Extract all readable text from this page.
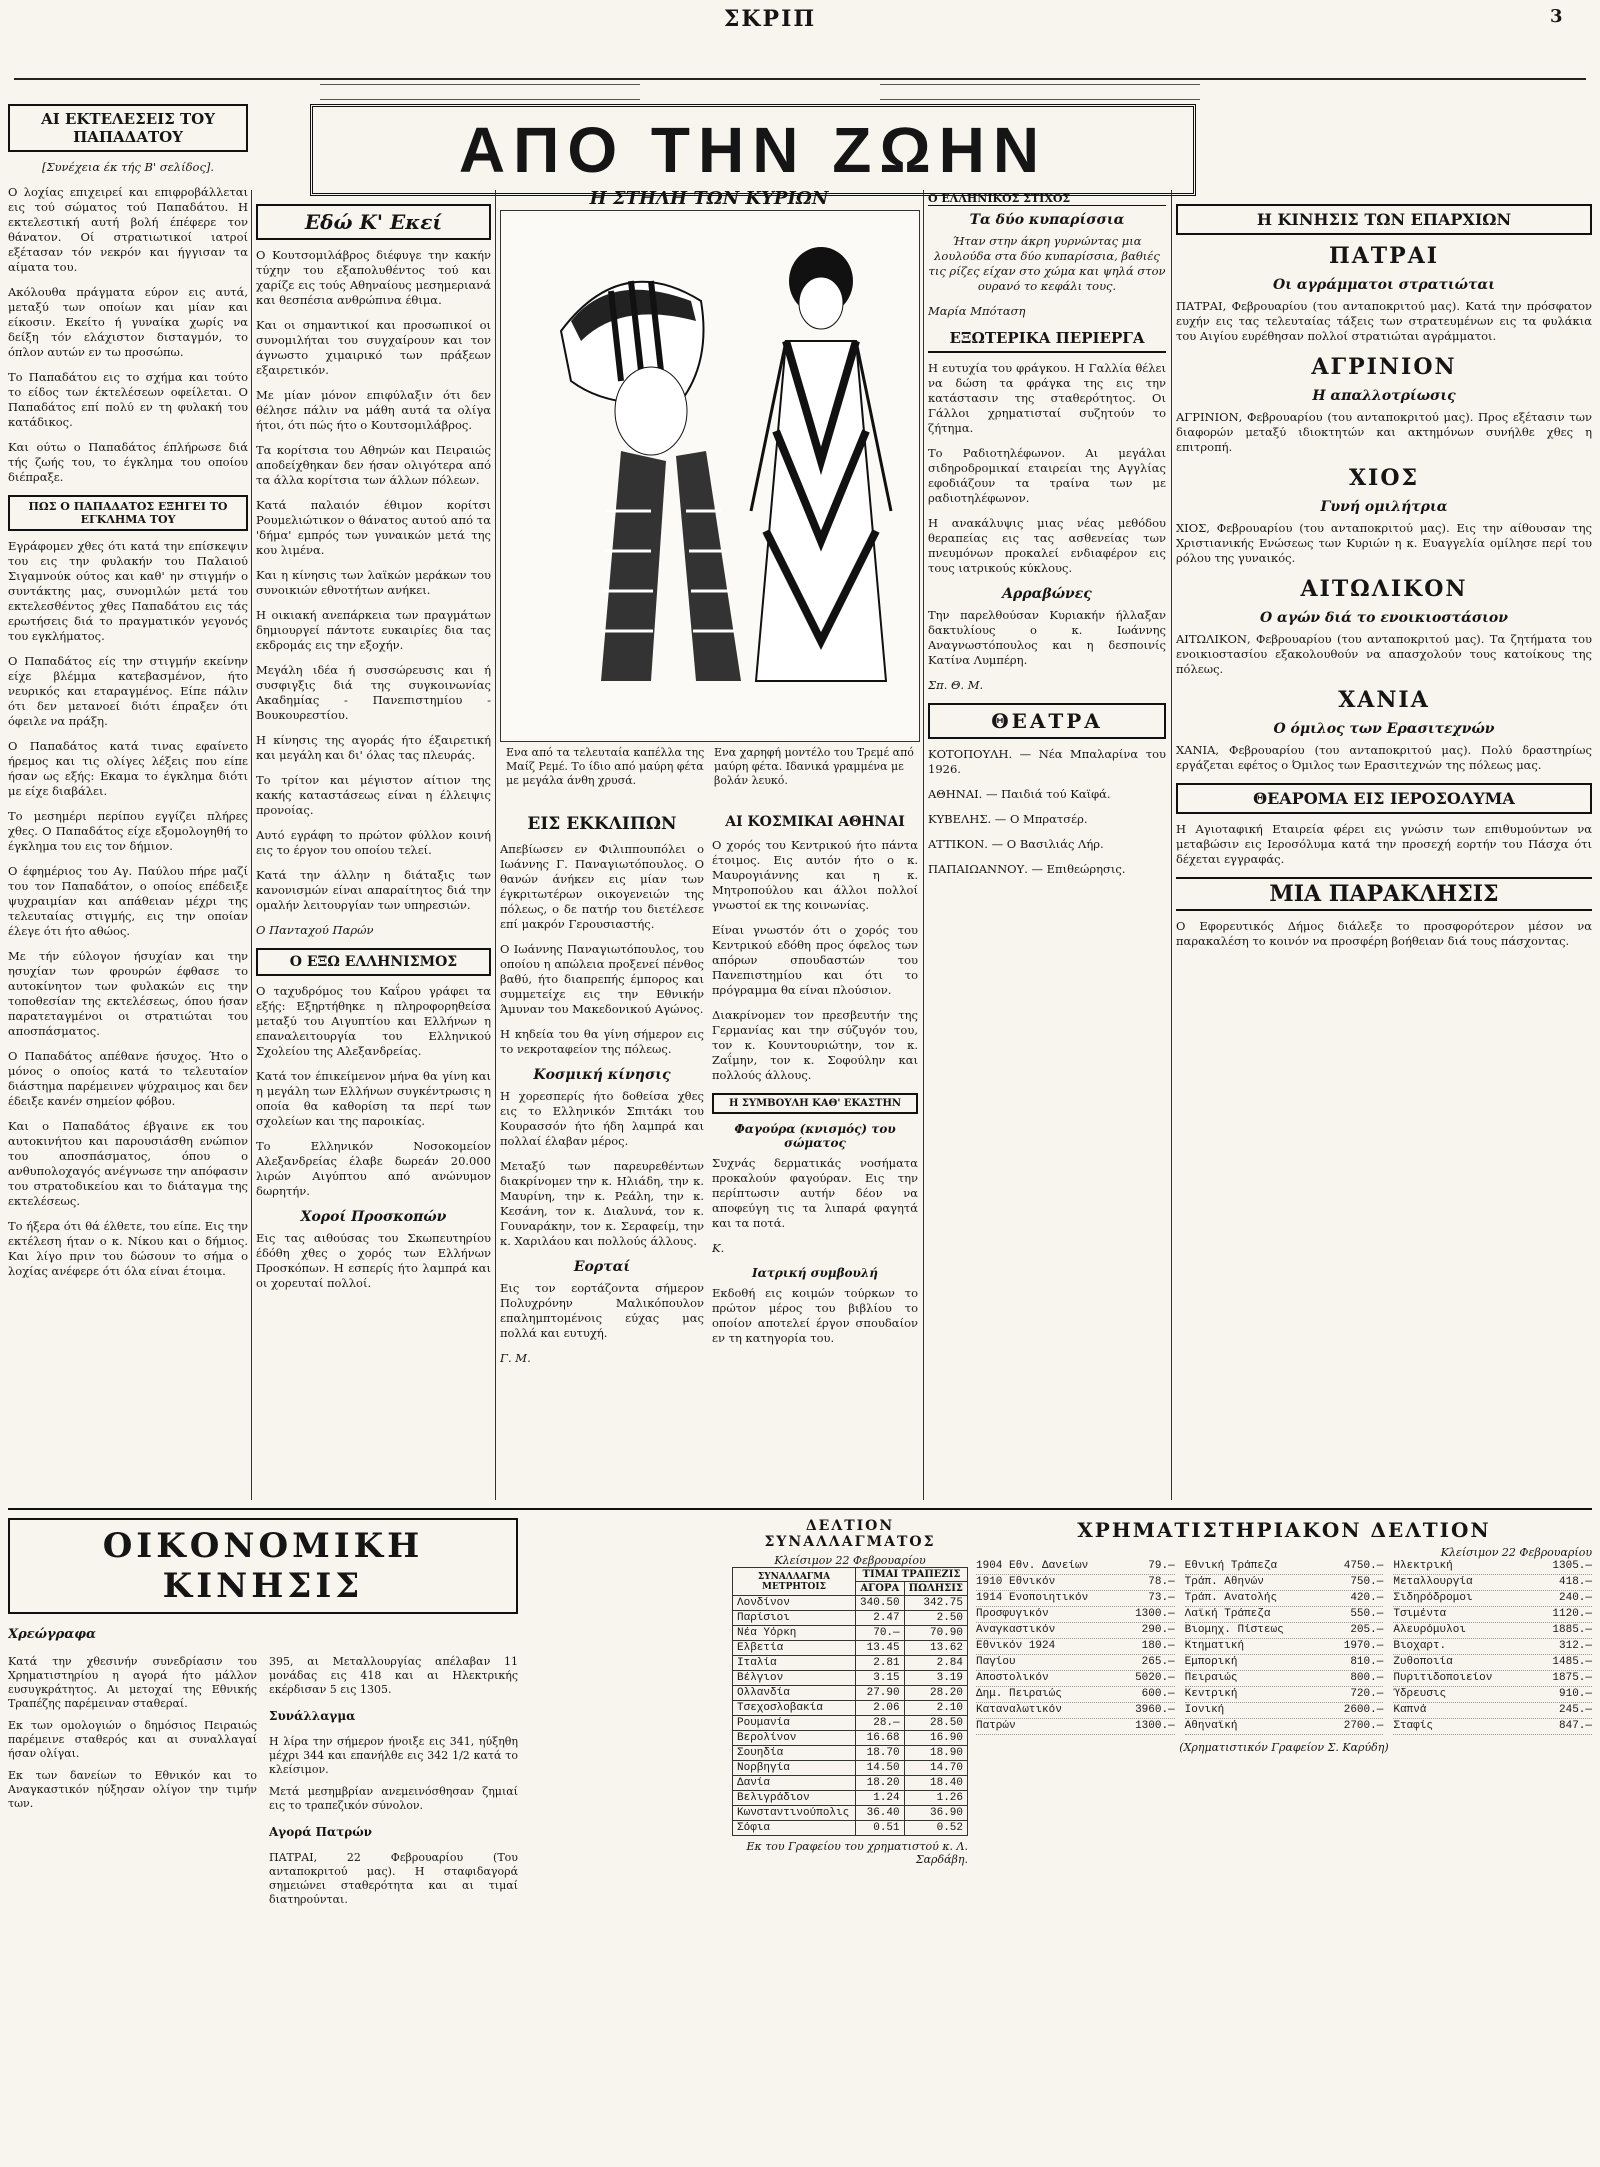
ΣΚΡΙΠ	3
ΑΠΟ ΤΗΝ ΖΩΗΝ
ΑΙ ΕΚΤΕΛΕΣΕΙΣ ΤΟΥ ΠΑΠΑΔΑΤΟΥ

[Συνέχεια έκ τής Β' σελίδος].

Ο λοχίας επιχειρεί και επιφροβάλλεται εις τού σώματος τού Παπαδάτου. Η εκτελεστική αυτή βολή έπέφερε τον θάνατον. Οί στρατιωτικοί ιατροί εξέτασαν τόν νεκρόν και ήγγισαν τα αίματα του.

Ακόλουθα πράγματα εύρον εις αυτά, μεταξύ των οποίων και μίαν και είκοσιν. Εκείτο ή γυναίκα χωρίς να δείξη τόν ελάχιστον δισταγμόν, το όπλον αυτών εν τω προσώπω.

Το Παπαδάτου εις το σχήμα και τούτο το είδος των έκτελέσεων οφείλεται. Ο Παπαδάτος επί πολύ εν τη φυλακή του κατάδικος.

Και ούτω ο Παπαδάτος έπλήρωσε διά τής ζωής του, το έγκλημα του οποίου διέπραξε.

ΠΩΣ Ο ΠΑΠΑΔΑΤΟΣ ΕΞΗΓΕΙ ΤΟ ΕΓΚΛΗΜΑ ΤΟΥ

Εγράφομεν χθες ότι κατά την επίσκεψιν του εις την φυλακήν του Παλαιού Σιγαμνούκ ούτος και καθ' ην στιγμήν ο συντάκτης μας, συνομιλών μετά του εκτελεσθέντος χθες Παπαδάτου εις τάς ερωτήσεις διά το πραγματικόν γεγονός του εγκλήματος.

Ο Παπαδάτος είς την στιγμήν εκείνην είχε βλέμμα κατεβασμένον, ήτο νευρικός και εταραγμένος. Είπε πάλιν ότι δεν μετανοεί διότι έπραξεν ότι όφειλε να πράξη.

Ο Παπαδάτος κατά τινας εφαίνετο ήρεμος και τις ολίγες λέξεις που είπε ήσαν ως εξής: Εκαμα το έγκλημα διότι με είχε διαβάλει.

Το μεσημέρι περίπου εγγίζει πλήρες χθες. Ο Παπαδάτος είχε εξομολογηθή το έγκλημα του εις τον δήμιον.

Ο έφημέριος του Αγ. Παύλου πήρε μαζί του τον Παπαδάτον, ο οποίος επέδειξε ψυχραιμίαν και απάθειαν μέχρι της τελευταίας στιγμής, εις την οποίαν έλεγε ότι ήτο αθώος.

Με τήν εύλογον ήσυχίαν και την ησυχίαν των φρουρών έφθασε το αυτοκίνητον των φυλακών εις την τοποθεσίαν της εκτελέσεως, όπου ήσαν παρατεταγμένοι οι στρατιώται του αποσπάσματος.

Ο Παπαδάτος απέθανε ήσυχος. Ήτο ο μόνος ο οποίος κατά το τελευταίον διάστημα παρέμεινεν ψύχραιμος και δεν έδειξε κανέν σημείον φόβου.

Και ο Παπαδάτος έβγαινε εκ του αυτοκινήτου και παρουσιάσθη ενώπιον του αποσπάσματος, όπου ο ανθυπολοχαγός ανέγνωσε την απόφασιν του στρατοδικείου και το διάταγμα της εκτελέσεως.

Το ήξερα ότι θά έλθετε, του είπε. Εις την εκτέλεση ήταν ο κ. Νίκου και ο δήμιος. Και λίγο πριν του δώσουν το σήμα ο λοχίας ανέφερε ότι όλα είναι έτοιμα.

Εδώ Κ' Εκεί

Ο Κουτσομιλάβρος διέφυγε την κακήν τύχην του εξαπολυθέντος τού και χαρίζε εις τούς Αθηναίους μεσημεριανά και θεσπέσια ανθρώπινα έθιμα.

Και οι σημαντικοί και προσωπικοί οι συνομιλήται του συγχαίρουν και τον άγνωστο χιμαιρικό των πράξεων εξαιρετικόν.

Με μίαν μόνον επιφύλαξιν ότι δεν θέλησε πάλιν να μάθη αυτά τα ολίγα ήτοι, ότι πώς ήτο ο Κουτσομιλάβρος.

Τα κορίτσια του Αθηνών και Πειραιώς αποδείχθηκαν δεν ήσαν ολιγότερα από τα άλλα κορίτσια των άλλων πόλεων.

Κατά παλαιόν έθιμον κορίτσι Ρουμελιώτικον ο θάνατος αυτού από τα 'δήμα' εμπρός των γυναικών μετά της κου λιμένα.

Και η κίνησις των λαϊκών μεράκων του συνοικιών εθνοτήτων ανήκει.

Η οικιακή ανεπάρκεια των πραγμάτων δημιουργεί πάντοτε ευκαιρίες δια τας εκδρομάς εις την εξοχήν.

Μεγάλη ιδέα ή συσσώρευσις και ή συσφιγξις διά της συγκοινωνίας Ακαδημίας - Πανεπιστημίου - Βουκουρεστίου.

Η κίνησις της αγοράς ήτο έξαιρετική και μεγάλη και δι' όλας τας πλευράς.

Το τρίτον και μέγιστον αίτιον της κακής καταστάσεως είναι η έλλειψις προνοίας.

Αυτό εγράφη το πρώτον φύλλον κοινή εις το έργον του οποίου τελεί.

Κατά την άλλην η διάταξις των κανονισμών είναι απαραίτητος διά την ομαλήν λειτουργίαν των υπηρεσιών.

Ο Πανταχού Παρών

Ο ΕΞΩ ΕΛΛΗΝΙΣΜΟΣ

Ο ταχυδρόμος του Καΐρου γράφει τα εξής: Εξηρτήθηκε η πληροφορηθείσα μεταξύ του Αιγυπτίου και Ελλήνων η επαναλειτουργία του Ελληνικού Σχολείου της Αλεξανδρείας.

Κατά τον έπικείμενον μήνα θα γίνη και η μεγάλη των Ελλήνων συγκέντρωσις η οποία θα καθορίση τα περί των σχολείων και της παροικίας.

Το Ελληνικόν Νοσοκομείον Αλεξανδρείας έλαβε δωρεάν 20.000 λιρών Αιγύπτου από ανώνυμον δωρητήν.

Χοροί Προσκοπών

Εις τας αιθούσας του Σκωπευτηρίου έδόθη χθες ο χορός των Ελλήνων Προσκόπων. Η εσπερίς ήτο λαμπρά και οι χορευταί πολλοί.

Η ΣΤΗΛΗ ΤΩΝ ΚΥΡΙΩΝ
Ενα από τα τελευταία καπέλλα της Μαίζ Ρεμέ. Το ίδιο από μαύρη φέτα με μεγάλα άνθη χρυσά.
Ενα χαρηφή μοντέλο του Τρεμέ από μαύρη φέτα. Ιδανικά γραμμένα με βολάν λευκό.
ΕΙΣ ΕΚΚΛΙΠΩΝ

Απεβίωσεν εν Φιλιππουπόλει ο Ιωάννης Γ. Παναγιωτόπουλος. Ο θανών άνήκεν εις μίαν των έγκριτωτέρων οικογενειών της πόλεως, ο δε πατήρ του διετέλεσε επί μακρόν Γερουσιαστής.

Ο Ιωάννης Παναγιωτόπουλος, του οποίου η απώλεια προξενεί πένθος βαθύ, ήτο διαπρεπής έμπορος και συμμετείχε εις την Εθνικήν Άμυναν του Μακεδονικού Αγώνος.

Η κηδεία του θα γίνη σήμερον εις το νεκροταφείον της πόλεως.

Κοσμική κίνησις

Η χορεσπερίς ήτο δοθείσα χθες εις το Ελληνικόν Σπιτάκι του Κουρασσόν ήτο ήδη λαμπρά και πολλαί έλαβαν μέρος.

Μεταξύ των παρευρεθέντων διακρίνομεν την κ. Ηλιάδη, την κ. Μαυρίνη, την κ. Ρεάλη, την κ. Κεσάνη, τον κ. Διαλυνά, τον κ. Γουναράκην, τον κ. Σεραφείμ, την κ. Χαριλάου και πολλούς άλλους.

Εορταί

Εις τον εορτάζοντα σήμερον Πολυχρόνην Μαλικόπουλον επαλημπτομένοις εύχας μας πολλά και ευτυχή.

Γ. Μ.

ΑΙ ΚΟΣΜΙΚΑΙ ΑΘΗΝΑΙ

Ο χορός του Κεντρικού ήτο πάντα έτοιμος. Εις αυτόν ήτο ο κ. Μαυρογιάννης και η κ. Μητροπούλου και άλλοι πολλοί γνωστοί εκ της κοινωνίας.

Είναι γνωστόν ότι ο χορός του Κεντρικού εδόθη προς όφελος των απόρων σπουδαστών του Πανεπιστημίου και ότι το πρόγραμμα θα είναι πλούσιον.

Διακρίνομεν τον πρεσβευτήν της Γερμανίας και την σύζυγόν του, τον κ. Κουντουριώτην, τον κ. Ζαΐμην, τον κ. Σοφούλην και πολλούς άλλους.

Η ΣΥΜΒΟΥΛΗ ΚΑΘ' ΕΚΑΣΤΗΝ
Φαγούρα (κνισμός) του σώματος

Συχνάς δερματικάς νοσήματα προκαλούν φαγούραν. Εις την περίπτωσιν αυτήν δέον να αποφεύγη τις τα λιπαρά φαγητά και τα ποτά.

Κ.

Ιατρική συμβουλή

Εκδοθή εις κοιμών τούρκων το πρώτον μέρος του βιβλίου το οποίον αποτελεί έργον σπουδαίον εν τη κατηγορία του.

Ο ΕΛΛΗΝΙΚΟΣ ΣΤΙΧΟΣ
Τα δύο κυπαρίσσια

Ήταν στην άκρη γυρνώντας μια λουλούδα στα δύο κυπαρίσσια, βαθιές τις ρίζες είχαν στο χώμα και ψηλά στον ουρανό το κεφάλι τους.

Μαρία Μπόταση

ΕΞΩΤΕΡΙΚΑ ΠΕΡΙΕΡΓΑ

Η ευτυχία του φράγκου. Η Γαλλία θέλει να δώση τα φράγκα της εις την κατάστασιν της σταθερότητος. Οι Γάλλοι χρηματισταί συζητούν το ζήτημα.

Το Ραδιοτηλέφωνον. Αι μεγάλαι σιδηροδρομικαί εταιρείαι της Αγγλίας εφοδιάζουν τα τραίνα των με ραδιοτηλέφωνον.

Η ανακάλυψις μιας νέας μεθόδου θεραπείας εις τας ασθενείας των πνευμόνων προκαλεί ενδιαφέρον εις τους ιατρικούς κύκλους.

Αρραβώνες

Την παρελθούσαν Κυριακήν ήλλαξαν δακτυλίους ο κ. Ιωάννης Αναγνωστόπουλος και η δεσποινίς Κατίνα Λυμπέρη.

Σπ. Θ. Μ.

ΘΕΑΤΡΑ

ΚΟΤΟΠΟΥΛΗ. — Νέα Μπαλαρίνα του 1926.

ΑΘΗΝΑΙ. — Παιδιά τού Καϊφά.

ΚΥΒΕΛΗΣ. — Ο Μπρατσέρ.

ΑΤΤΙΚΟΝ. — Ο Βασιλιάς Λήρ.

ΠΑΠΑΙΩΑΝΝΟΥ. — Επιθεώρησις.

Η ΚΙΝΗΣΙΣ ΤΩΝ ΕΠΑΡΧΙΩΝ
ΠΑΤΡΑΙ
Οι αγράμματοι στρατιώται

ΠΑΤΡΑΙ, Φεβρουαρίου (του ανταποκριτού μας). Κατά την πρόσφατον ευχήν εις τας τελευταίας τάξεις των στρατευμένων εις τα φυλάκια του Αιγίου ευρέθησαν πολλοί στρατιώται αγράμματοι.

ΑΓΡΙΝΙΟΝ
Η απαλλοτρίωσις

ΑΓΡΙΝΙΟΝ, Φεβρουαρίου (του ανταποκριτού μας). Προς εξέτασιν των διαφορών μεταξύ ιδιοκτητών και ακτημόνων συνήλθε χθες η επιτροπή.

ΧΙΟΣ
Γυνή ομιλήτρια

ΧΙΟΣ, Φεβρουαρίου (του ανταποκριτού μας). Εις την αίθουσαν της Χριστιανικής Ενώσεως των Κυριών η κ. Ευαγγελία ομίλησε περί του ρόλου της γυναικός.

ΑΙΤΩΛΙΚΟΝ
Ο αγών διά το ενοικιοστάσιον

ΑΙΤΩΛΙΚΟΝ, Φεβρουαρίου (του ανταποκριτού μας). Τα ζητήματα του ενοικιοστασίου εξακολουθούν να απασχολούν τους κατοίκους της πόλεως.

ΧΑΝΙΑ
Ο όμιλος των Ερασιτεχνών

ΧΑΝΙΑ, Φεβρουαρίου (του ανταποκριτού μας). Πολύ δραστηρίως εργάζεται εφέτος ο Όμιλος των Ερασιτεχνών της πόλεως μας.

ΘΕΑΡΟΜΑ ΕΙΣ ΙΕΡΟΣΟΛΥΜΑ

Η Αγιοταφική Εταιρεία φέρει εις γνώσιν των επιθυμούντων να μεταβώσιν εις Ιεροσόλυμα κατά την προσεχή εορτήν του Πάσχα ότι δέχεται εγγραφάς.

ΜΙΑ ΠΑΡΑΚΛΗΣΙΣ

Ο Εφορευτικός Δήμος διάλεξε το προσφορότερον μέσον να παρακαλέση το κοινόν να προσφέρη βοήθειαν διά τους πάσχοντας.

ΟΙΚΟΝΟΜΙΚΗ ΚΙΝΗΣΙΣ
Χρεώγραφα

Κατά την χθεσινήν συνεδρίασιν του Χρηματιστηρίου η αγορά ήτο μάλλον ευσυγκράτητος. Αι μετοχαί της Εθνικής Τραπέζης παρέμειναν σταθεραί.

Εκ των ομολογιών ο δημόσιος Πειραιώς παρέμεινε σταθερός και αι συναλλαγαί ήσαν ολίγαι.

Εκ των δανείων το Εθνικόν και το Αναγκαστικόν ηύξησαν ολίγον την τιμήν των.

395, αι Μεταλλουργίας απέλαβαν 11 μονάδας εις 418 και αι Ηλεκτρικής εκέρδισαν 5 εις 1305.

Συνάλλαγμα

Η λίρα την σήμερον ήνοιξε εις 341, ηύξηθη μέχρι 344 και επανήλθε εις 342 1/2 κατά το κλείσιμον.

Μετά μεσημβρίαν ανεμεινόσθησαν ζημιαί εις το τραπεζικόν σύνολον.

Αγορά Πατρών

ΠΑΤΡΑΙ, 22 Φεβρουαρίου (Του ανταποκριτού μας). Η σταφιδαγορά σημειώνει σταθερότητα και αι τιμαί διατηρούνται.

ΔΕΛΤΙΟΝ ΣΥΝΑΛΛΑΓΜΑΤΟΣ
Κλείσιμον 22 Φεβρουαρίου
ΣΥΝΑΛΛΑΓΜΑ ΜΕΤΡΗΤΟΙΣ	ΤΙΜΑΙ ΤΡΑΠΕΖΙΣ	
	ΑΓΟΡΑ	ΠΩΛΗΣΙΣ
Λονδίνον	340.50	342.75
Παρίσιοι	2.47	2.50
Νέα Υόρκη	70.—	70.90
Ελβετία	13.45	13.62
Ιταλία	2.81	2.84
Βέλγιον	3.15	3.19
Ολλανδία	27.90	28.20
Τσεχοσλοβακία	2.06	2.10
Ρουμανία	28.—	28.50
Βερολίνον	16.68	16.90
Σουηδία	18.70	18.90
Νορβηγία	14.50	14.70
Δανία	18.20	18.40
Βελιγράδιον	1.24	1.26
Κωνσταντινούπολις	36.40	36.90
Σόφια	0.51	0.52
Εκ του Γραφείου του χρηματιστού κ. Λ. Σαρδάβη.
ΧΡΗΜΑΤΙΣΤΗΡΙΑΚΟΝ ΔΕΛΤΙΟΝ
Κλείσιμον 22 Φεβρουαρίου
1904 Εθν. Δανείων	79.—
1910 Εθνικόν	78.—
1914 Ενοποιητικόν	73.—
Προσφυγικόν	1300.—
Αναγκαστικόν	290.—
Εθνικόν 1924	180.—
Παγίου	265.—
Αποστολικόν	5020.—
Δημ. Πειραιώς	600.—
Καταναλωτικόν	3960.—
Πατρών	1300.—
Εθνική Τράπεζα	4750.—
Τράπ. Αθηνών	750.—
Τράπ. Ανατολής	420.—
Λαϊκή Τράπεζα	550.—
Βιομηχ. Πίστεως	205.—
Κτηματική	1970.—
Εμπορική	810.—
Πειραιώς	800.—
Κεντρική	720.—
Ιονική	2600.—
Αθηναϊκή	2700.—
Ηλεκτρική	1305.—
Μεταλλουργία	418.—
Σιδηρόδρομοι	240.—
Τσιμέντα	1120.—
Αλευρόμυλοι	1885.—
Βιοχαρτ.	312.—
Ζυθοποιία	1485.—
Πυριτιδοποιείον	1875.—
Ύδρευσις	910.—
Καπνά	245.—
Σταφίς	847.—
(Χρηματιστικόν Γραφείον Σ. Καρύδη)
